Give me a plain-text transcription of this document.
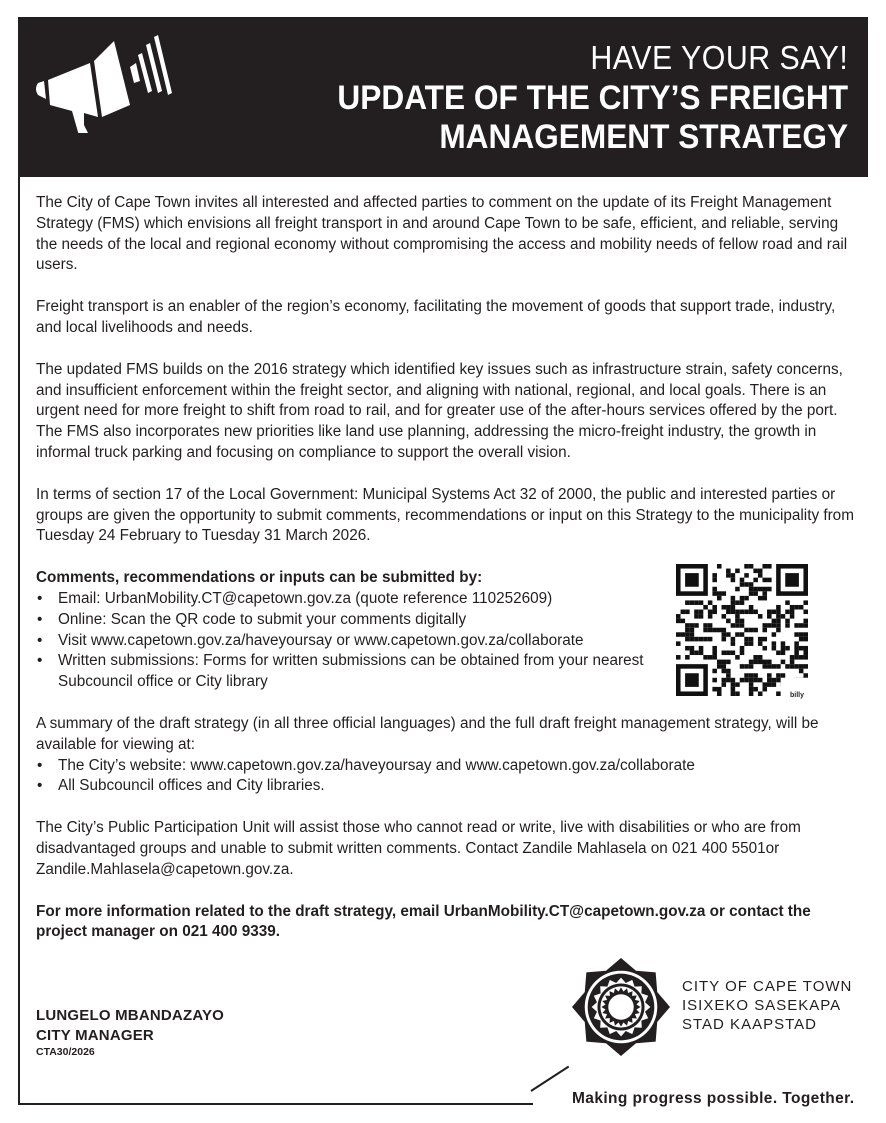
HAVE YOUR SAY!
UPDATE OF THE CITY’S FREIGHT
MANAGEMENT STRATEGY

The City of Cape Town invites all interested and affected parties to comment on the update of its Freight Management Strategy (FMS) which envisions all freight transport in and around Cape Town to be safe, efficient, and reliable, serving the needs of the local and regional economy without compromising the access and mobility needs of fellow road and rail users.

Freight transport is an enabler of the region’s economy, facilitating the movement of goods that support trade, industry, and local livelihoods and needs.

The updated FMS builds on the 2016 strategy which identified key issues such as infrastructure strain, safety concerns, and insufficient enforcement within the freight sector, and aligning with national, regional, and local goals. There is an urgent need for more freight to shift from road to rail, and for greater use of the after-hours services offered by the port. The FMS also incorporates new priorities like land use planning, addressing the micro-freight industry, the growth in informal truck parking and focusing on compliance to support the overall vision.

In terms of section 17 of the Local Government: Municipal Systems Act 32 of 2000, the public and interested parties or groups are given the opportunity to submit comments, recommendations or input on this Strategy to the municipality from Tuesday 24 February to Tuesday 31 March 2026.

Comments, recommendations or inputs can be submitted by:
• Email: UrbanMobility.CT@capetown.gov.za (quote reference 110252609)
• Online: Scan the QR code to submit your comments digitally
• Visit www.capetown.gov.za/haveyoursay or www.capetown.gov.za/collaborate
• Written submissions: Forms for written submissions can be obtained from your nearest Subcouncil office or City library
billy
A summary of the draft strategy (in all three official languages) and the full draft freight management strategy, will be available for viewing at:
• The City’s website: www.capetown.gov.za/haveyoursay and www.capetown.gov.za/collaborate
• All Subcouncil offices and City libraries.

The City’s Public Participation Unit will assist those who cannot read or write, live with disabilities or who are from disadvantaged groups and unable to submit written comments. Contact Zandile Mahlasela on 021 400 5501or Zandile.Mahlasela@capetown.gov.za.

For more information related to the draft strategy, email UrbanMobility.CT@capetown.gov.za or contact the project manager on 021 400 9339.

LUNGELO MBANDAZAYO
CITY MANAGER
CTA30/2026
CITY OF CAPE TOWN
ISIXEKO SASEKAPA
STAD KAAPSTAD
Making progress possible. Together.
